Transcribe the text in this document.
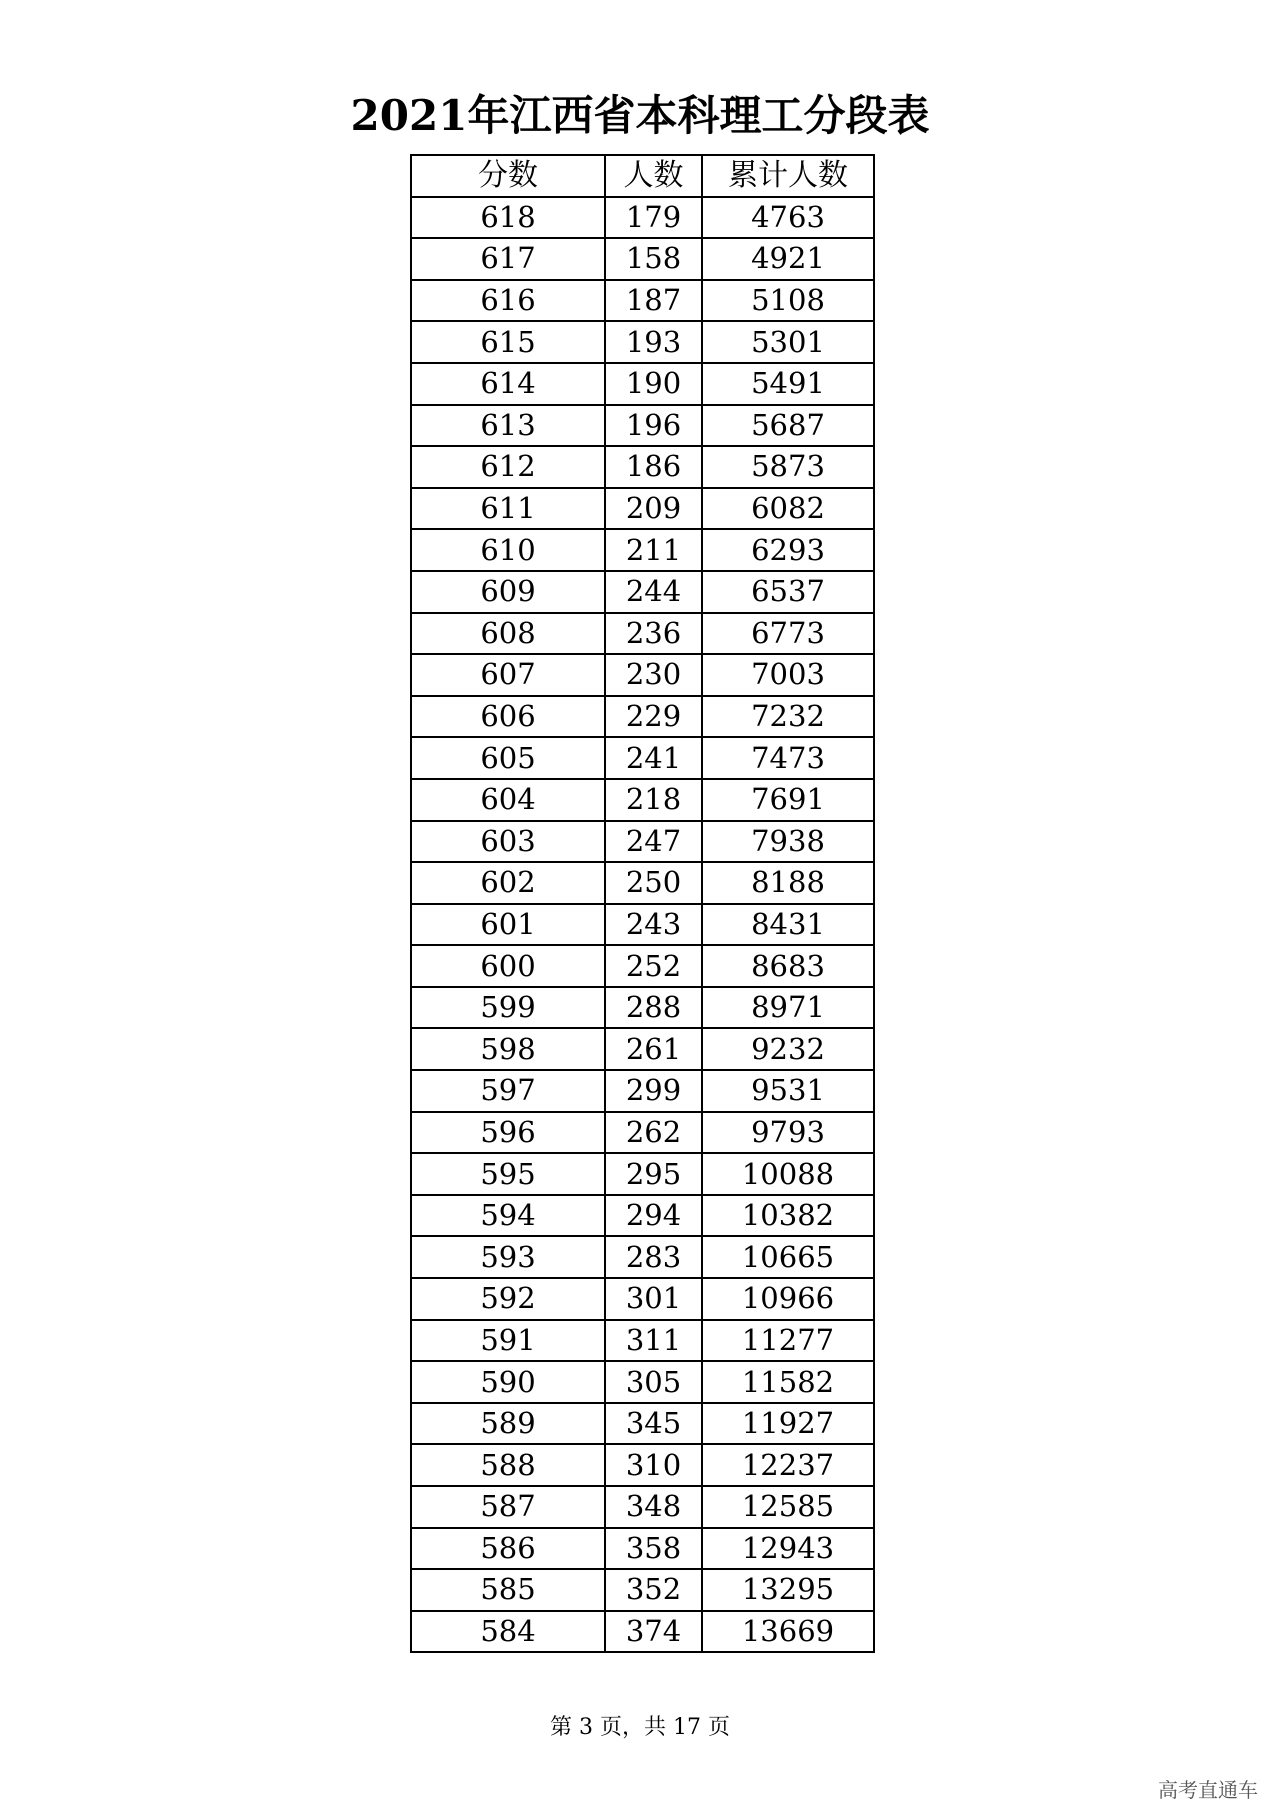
2021年江西省本科理工分段表
分数	人数	累计人数
618	179	4763
617	158	4921
616	187	5108
615	193	5301
614	190	5491
613	196	5687
612	186	5873
611	209	6082
610	211	6293
609	244	6537
608	236	6773
607	230	7003
606	229	7232
605	241	7473
604	218	7691
603	247	7938
602	250	8188
601	243	8431
600	252	8683
599	288	8971
598	261	9232
597	299	9531
596	262	9793
595	295	10088
594	294	10382
593	283	10665
592	301	10966
591	311	11277
590	305	11582
589	345	11927
588	310	12237
587	348	12585
586	358	12943
585	352	13295
584	374	13669
第 3 页，共 17 页
高考直通车
